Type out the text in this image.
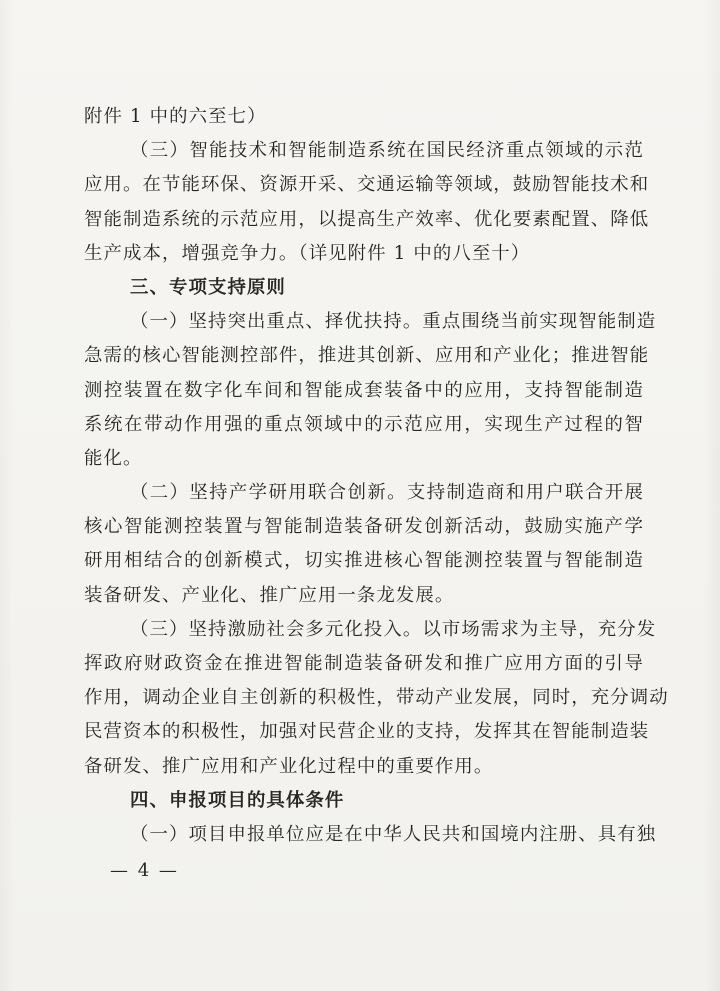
附件 1 中的六至七）
（三）智能技术和智能制造系统在国民经济重点领域的示范
应用。在节能环保、资源开采、交通运输等领域，鼓励智能技术和
智能制造系统的示范应用，以提高生产效率、优化要素配置、降低
生产成本，增强竞争力。（详见附件 1 中的八至十）
三、专项支持原则
（一）坚持突出重点、择优扶持。重点围绕当前实现智能制造
急需的核心智能测控部件，推进其创新、应用和产业化；推进智能
测控装置在数字化车间和智能成套装备中的应用，支持智能制造
系统在带动作用强的重点领域中的示范应用，实现生产过程的智
能化。
（二）坚持产学研用联合创新。支持制造商和用户联合开展
核心智能测控装置与智能制造装备研发创新活动，鼓励实施产学
研用相结合的创新模式，切实推进核心智能测控装置与智能制造
装备研发、产业化、推广应用一条龙发展。
（三）坚持激励社会多元化投入。以市场需求为主导，充分发
挥政府财政资金在推进智能制造装备研发和推广应用方面的引导
作用，调动企业自主创新的积极性，带动产业发展，同时，充分调动
民营资本的积极性，加强对民营企业的支持，发挥其在智能制造装
备研发、推广应用和产业化过程中的重要作用。
四、申报项目的具体条件
（一）项目申报单位应是在中华人民共和国境内注册、具有独
— 4 —
